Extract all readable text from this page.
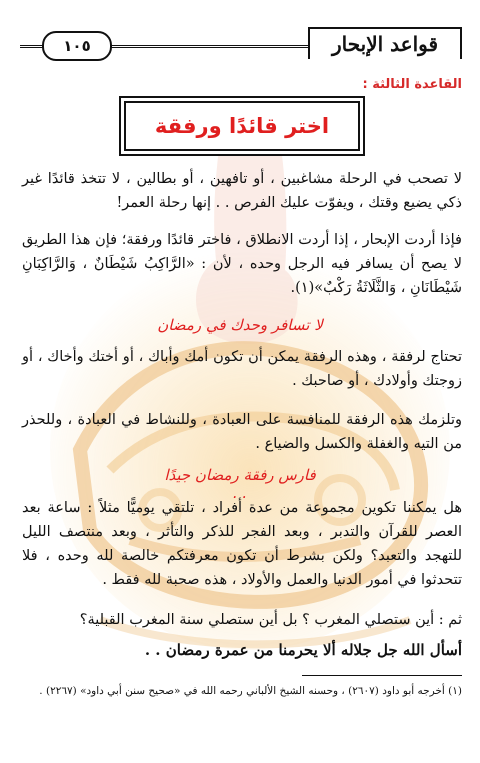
١٠٥	قواعد الإبحار
القاعدة الثالثة :
اختر قائدًا ورفقة
لا تصحب في الرحلة مشاغبين ، أو تافهين ، أو بطالين ، لا تتخذ قائدًا غير ذكي يضيع وقتك ، ويفوّت عليك الفرص . . إنها رحلة العمر!
فإذا أردت الإبحار ، إذا أردت الانطلاق ، فاختر قائدًا ورفقة؛ فإن هذا الطريق لا يصح أن يسافر فيه الرجل وحده ، لأن : «الرَّاكِبُ شَيْطَانٌ ، وَالرَّاكِبَانِ شَيْطَانَانِ ، وَالثَّلَاثَةُ رَكْبٌ»(١).
لا تسافر وحدك في رمضان
تحتاج لرفقة ، وهذه الرفقة يمكن أن تكون أمك وأباك ، أو أختك وأخاك ، أو زوجتك وأولادك ، أو صاحبك .
وتلزمك هذه الرفقة للمنافسة على العبادة ، وللنشاط في العبادة ، وللحذر من التيه والغفلة والكسل والضياع .
فارس رفقة رمضان جيدًا . .
هل يمكننا تكوين مجموعة من عدة أفراد ، تلتقي يوميًّا مثلاً : ساعة بعد العصر للقرآن والتدبر ، وبعد الفجر للذكر والتأثر ، وبعد منتصف الليل للتهجد والتعبد؟ ولكن بشرط أن تكون معرفتكم خالصة لله وحده ، فلا تتحدثوا في أمور الدنيا والعمل والأولاد ، هذه صحبة لله فقط .
ثم : أين ستصلي المغرب ؟ بل أين ستصلي سنة المغرب القبلية؟
أسأل الله جل جلاله ألا يحرمنا من عمرة رمضان . .
(١) أخرجه أبو داود (٢٦٠٧) ، وحسنه الشيخ الألباني رحمه الله في «صحيح سنن أبي داود» (٢٢٦٧) .
